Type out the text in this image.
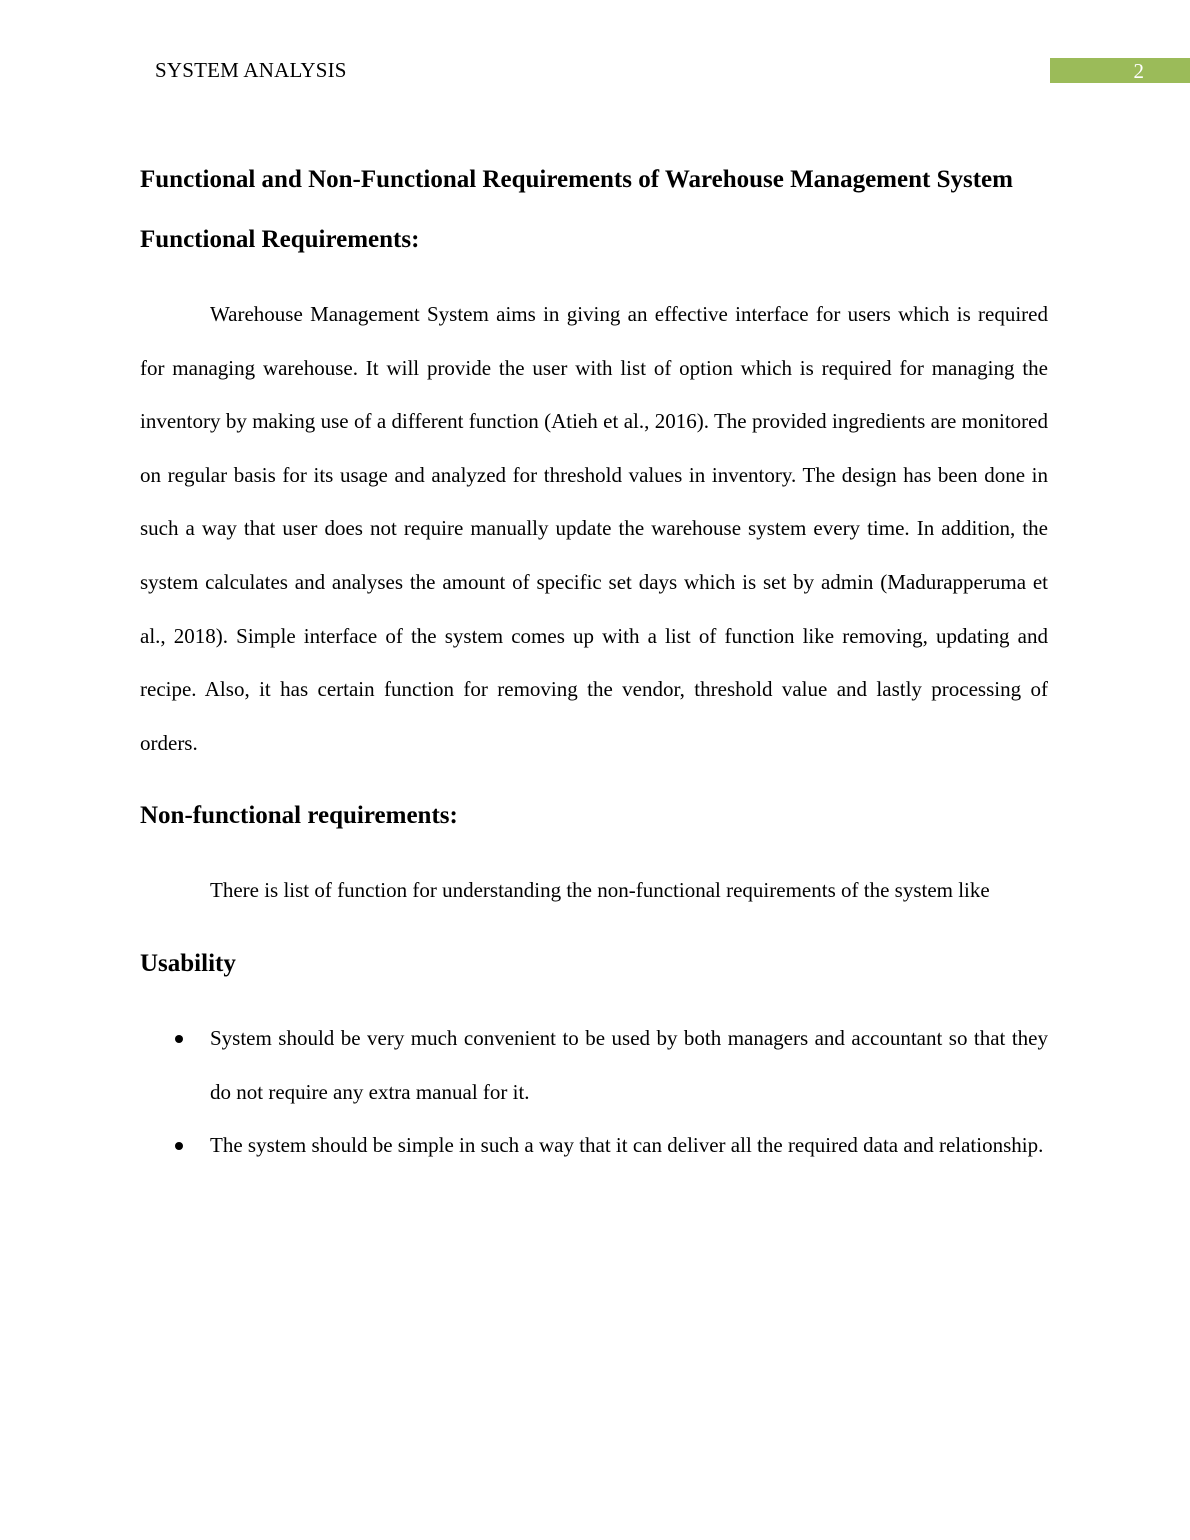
SYSTEM ANALYSIS	2
Functional and Non-Functional Requirements of Warehouse Management System
Functional Requirements:

Warehouse Management System aims in giving an effective interface for users which is required for managing warehouse. It will provide the user with list of option which is required for managing the inventory by making use of a different function (Atieh et al., 2016). The provided ingredients are monitored on regular basis for its usage and analyzed for threshold values in inventory. The design has been done in such a way that user does not require manually update the warehouse system every time. In addition, the system calculates and analyses the amount of specific set days which is set by admin (Madurapperuma et al., 2018). Simple interface of the system comes up with a list of function like removing, updating and recipe. Also, it has certain function for removing the vendor, threshold value and lastly processing of orders.

Non-functional requirements:

There is list of function for understanding the non-functional requirements of the system like

Usability
System should be very much convenient to be used by both managers and accountant so that they do not require any extra manual for it.
The system should be simple in such a way that it can deliver all the required data and relationship.
